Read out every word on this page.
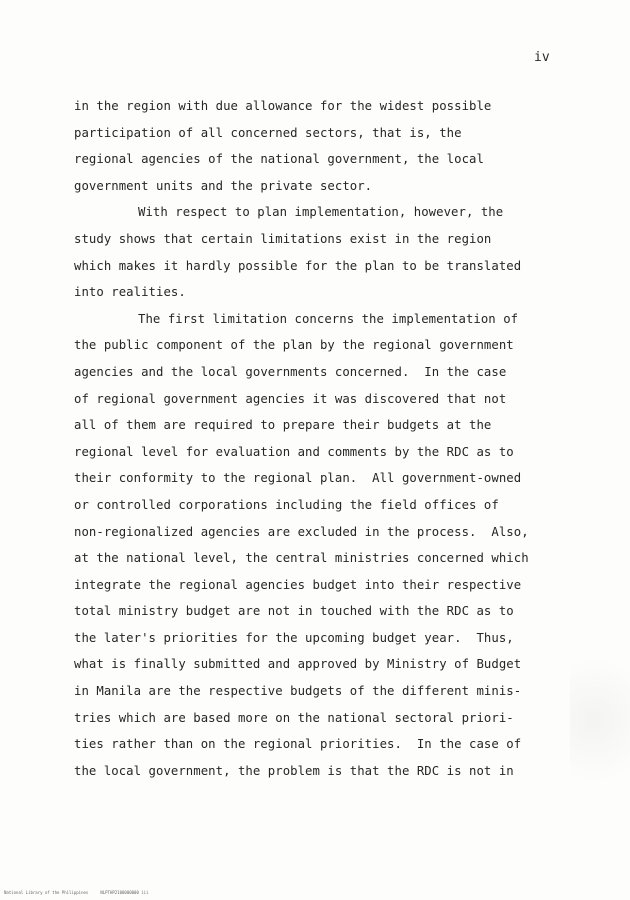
iv

in the region with due allowance for the widest possible
participation of all concerned sectors, that is, the
regional agencies of the national government, the local
government units and the private sector.
With respect to plan implementation, however, the
study shows that certain limitations exist in the region
which makes it hardly possible for the plan to be translated
into realities.
The first limitation concerns the implementation of
the public component of the plan by the regional government
agencies and the local governments concerned.  In the case
of regional government agencies it was discovered that not
all of them are required to prepare their budgets at the
regional level for evaluation and comments by the RDC as to
their conformity to the regional plan.  All government-owned
or controlled corporations including the field offices of
non-regionalized agencies are excluded in the process.  Also,
at the national level, the central ministries concerned which
integrate the regional agencies budget into their respective
total ministry budget are not in touched with the RDC as to
the later's priorities for the upcoming budget year.  Thus,
what is finally submitted and approved by Ministry of Budget
in Manila are the respective budgets of the different minis-
tries which are based more on the national sectoral priori-
ties rather than on the regional priorities.  In the case of
the local government, the problem is that the RDC is not in

National Library of the Philippines     NLPTHP2100000000 iii
